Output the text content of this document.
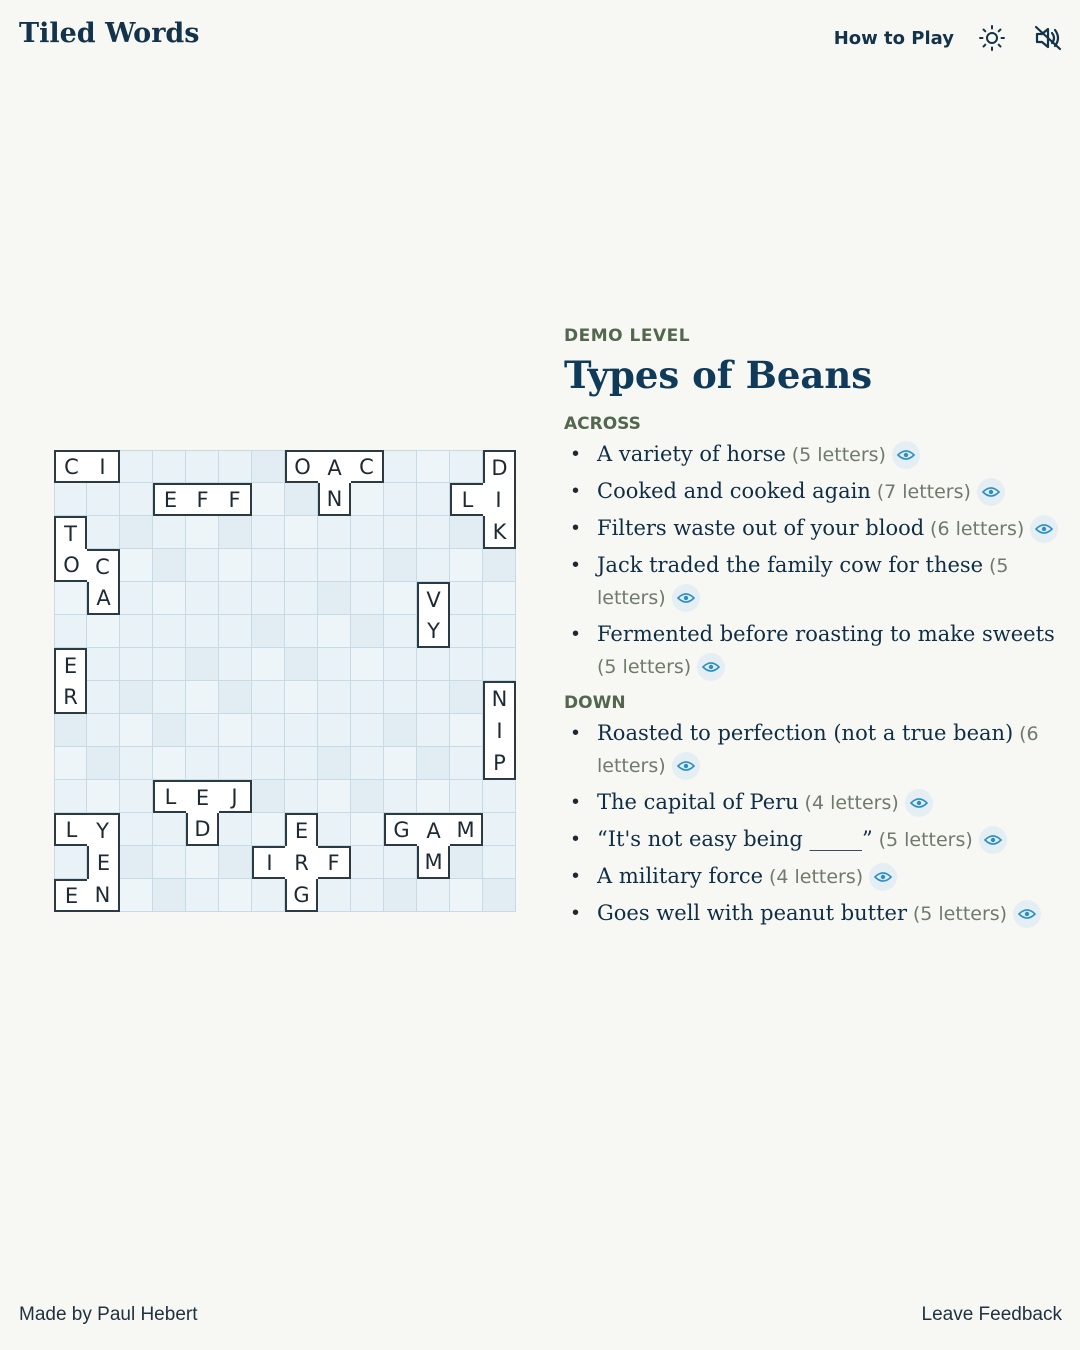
Tiled Words	How to Play
C I	O A C
N
D
L	I
K
E F F
T
O C
A	V
Y
E
R	N
I
P
L E	J
D
L Y
E
E N
E
I	R F
G
G A M
M

DEMO LEVEL

Types of Beans

ACROSS

• A variety of horse (5 letters)
• Cooked and cooked again (7 letters)
• Filters waste out of your blood (6 letters)
• Jack traded the family cow for these (5 letters)
• Fermented before roasting to make sweets (5 letters)

DOWN

• Roasted to perfection (not a true bean) (6 letters)
• The capital of Peru (4 letters)
• “It's not easy being _____” (5 letters)
• A military force (4 letters)
• Goes well with peanut butter (5 letters)
Made by Paul Hebert	Leave Feedback
